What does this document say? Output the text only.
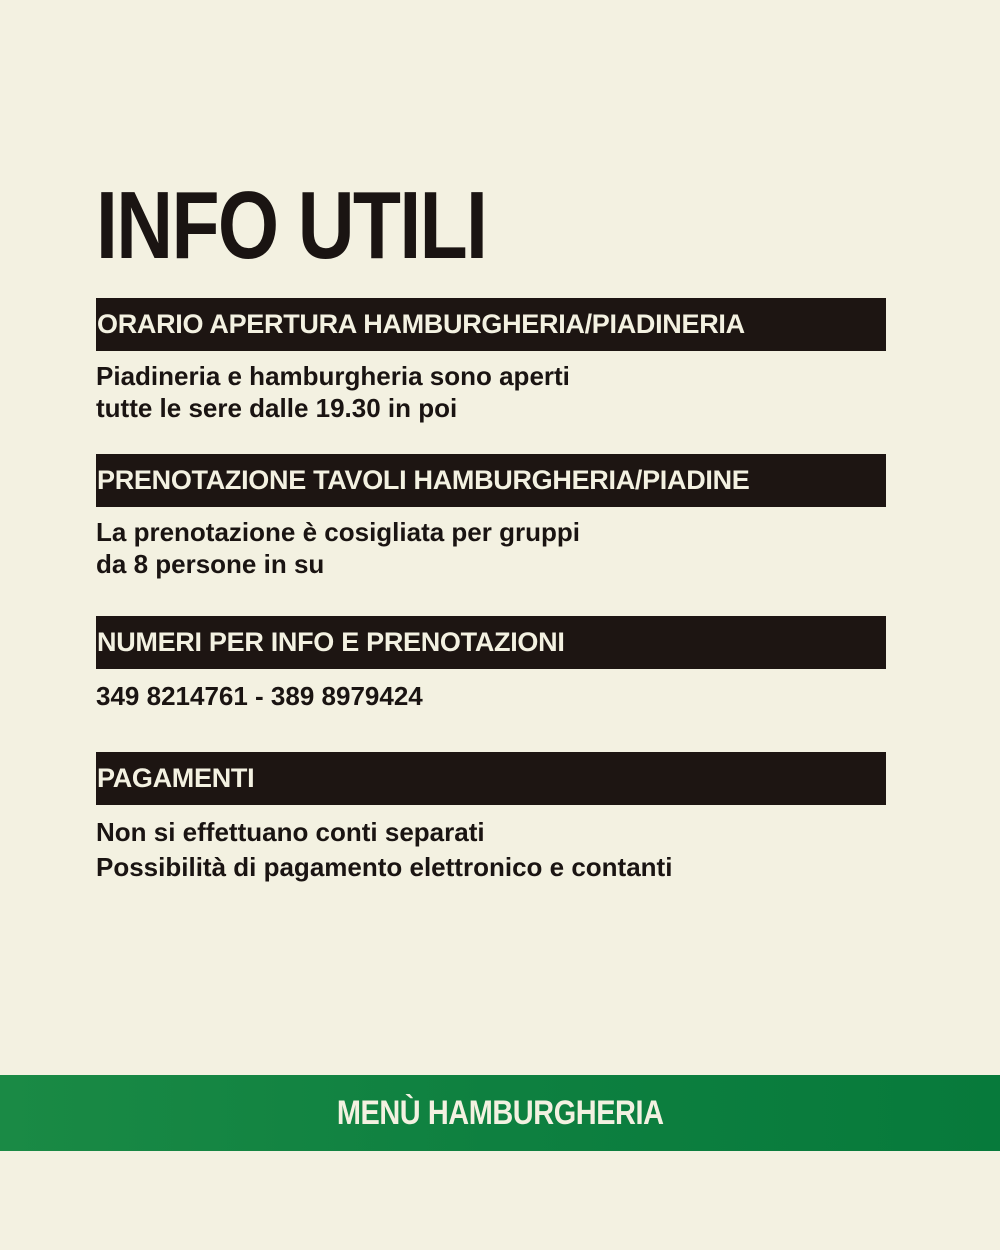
INFO UTILI
ORARIO APERTURA HAMBURGHERIA/PIADINERIA
Piadineria e hamburgheria sono aperti
tutte le sere dalle 19.30 in poi
PRENOTAZIONE TAVOLI HAMBURGHERIA/PIADINE
La prenotazione è cosigliata per gruppi
da 8 persone in su
NUMERI PER INFO E PRENOTAZIONI
349 8214761 - 389 8979424
PAGAMENTI
Non si effettuano conti separati
Possibilità di pagamento elettronico e contanti
MENÙ HAMBURGHERIA
